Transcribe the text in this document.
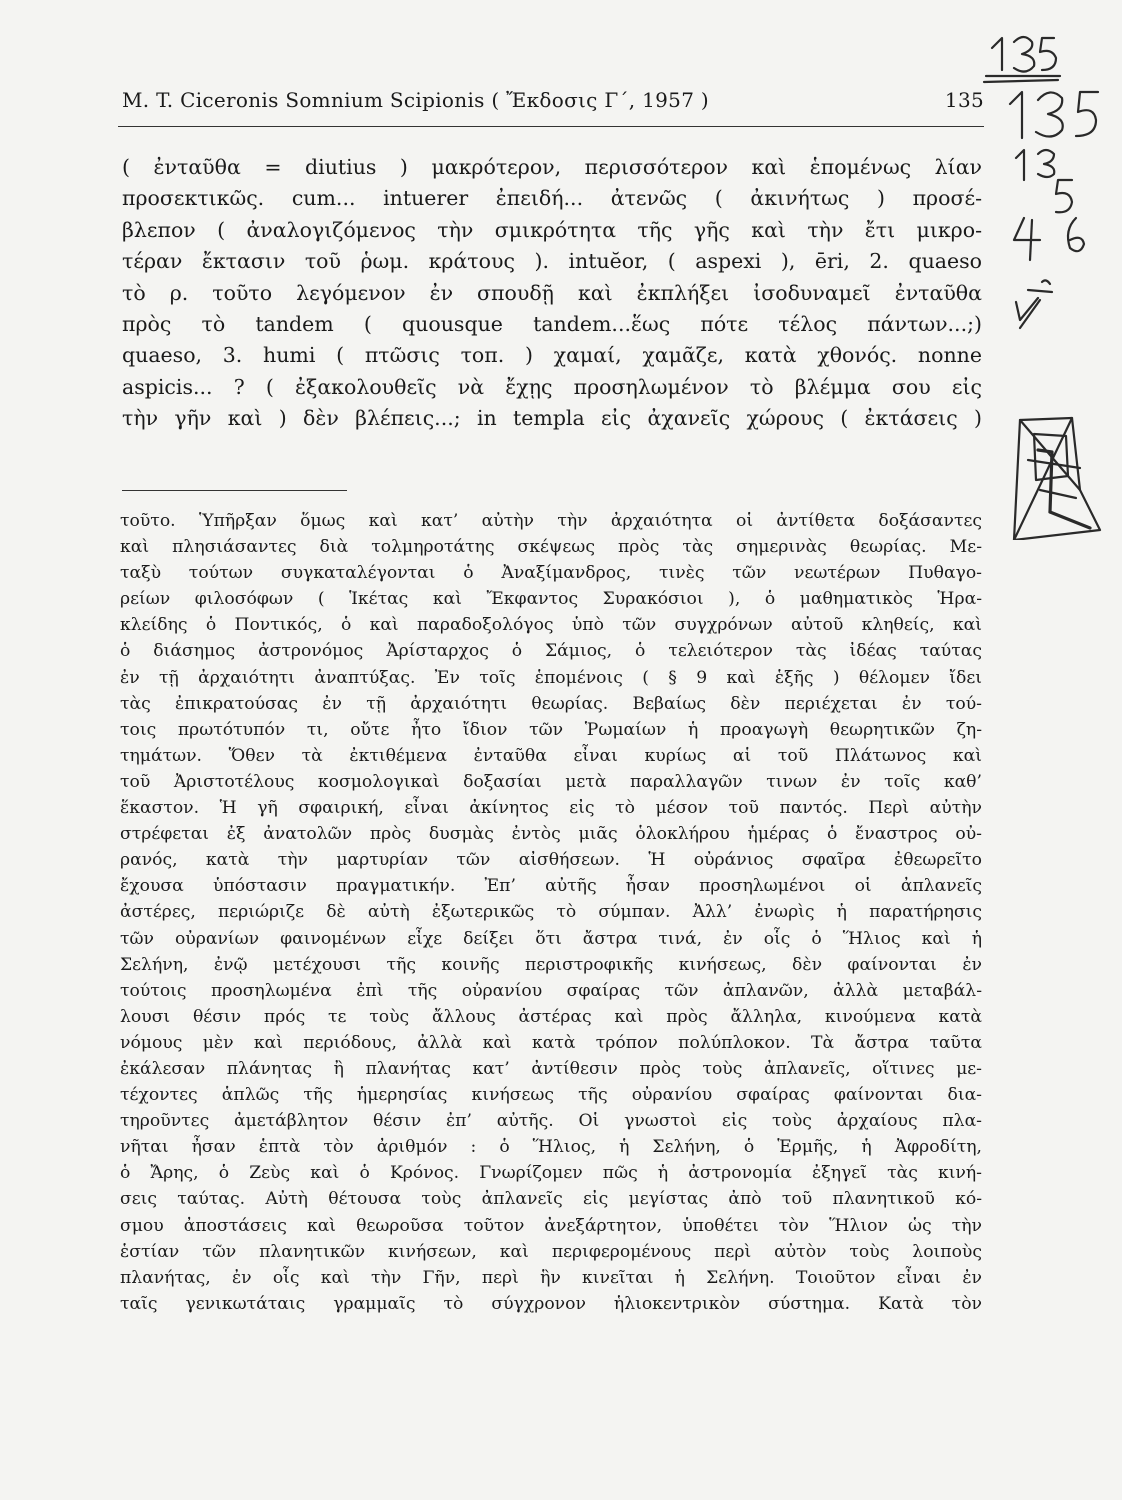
M. T. Ciceronis Somnium Scipionis ( Ἔκδοσις Γ΄, 1957 )	135
( ἐνταῦθα = diutius ) μακρότερον, περισσότερον καὶ ἑπομένως λίαν
προσεκτικῶς. cum... intuerer ἐπειδή... ἀτενῶς ( ἀκινήτως ) προσέ-
βλεπον ( ἀναλογιζόμενος τὴν σμικρότητα τῆς γῆς καὶ τὴν ἔτι μικρο-
τέραν ἔκτασιν τοῦ ῥωμ. κράτους ). intuĕor, ( aspexi ), ēri, 2. quaeso
τὸ ρ. τοῦτο λεγόμενον ἐν σπουδῇ καὶ ἐκπλήξει ἰσοδυναμεῖ ἐνταῦθα
πρὸς τὸ tandem ( quousque tandem...ἕως πότε τέλος πάντων...;)
quaeso, 3. humi ( πτῶσις τοπ. ) χαμαί, χαμᾶζε, κατὰ χθονός. nonne
aspicis... ? ( ἐξακολουθεῖς νὰ ἔχῃς προσηλωμένον τὸ βλέμμα σου εἰς
τὴν γῆν καὶ ) δὲν βλέπεις...; in templa εἰς ἀχανεῖς χώρους ( ἐκτάσεις )
τοῦτο. Ὑπῆρξαν ὅμως καὶ κατ’ αὐτὴν τὴν ἀρχαιότητα οἱ ἀντίθετα δοξάσαντες
καὶ πλησιάσαντες διὰ τολμηροτάτης σκέψεως πρὸς τὰς σημερινὰς θεωρίας. Με-
ταξὺ τούτων συγκαταλέγονται ὁ Ἀναξίμανδρος, τινὲς τῶν νεωτέρων Πυθαγο-
ρείων φιλοσόφων ( Ἱκέτας καὶ Ἔκφαντος Συρακόσιοι ), ὁ μαθηματικὸς Ἡρα-
κλείδης ὁ Ποντικός, ὁ καὶ παραδοξολόγος ὑπὸ τῶν συγχρόνων αὐτοῦ κληθείς, καὶ
ὁ διάσημος ἀστρονόμος Ἀρίσταρχος ὁ Σάμιος, ὁ τελειότερον τὰς ἰδέας ταύτας
ἐν τῇ ἀρχαιότητι ἀναπτύξας. Ἐν τοῖς ἑπομένοις ( § 9 καὶ ἑξῆς ) θέλομεν ἴδει
τὰς ἐπικρατούσας ἐν τῇ ἀρχαιότητι θεωρίας. Βεβαίως δὲν περιέχεται ἐν τού-
τοις πρωτότυπόν τι, οὔτε ἦτο ἴδιον τῶν Ῥωμαίων ἡ προαγωγὴ θεωρητικῶν ζη-
τημάτων. Ὅθεν τὰ ἐκτιθέμενα ἐνταῦθα εἶναι κυρίως αἱ τοῦ Πλάτωνος καὶ
τοῦ Ἀριστοτέλους κοσμολογικαὶ δοξασίαι μετὰ παραλλαγῶν τινων ἐν τοῖς καθ’
ἕκαστον. Ἡ γῆ σφαιρική, εἶναι ἀκίνητος εἰς τὸ μέσον τοῦ παντός. Περὶ αὐτὴν
στρέφεται ἐξ ἀνατολῶν πρὸς δυσμὰς ἐντὸς μιᾶς ὁλοκλήρου ἡμέρας ὁ ἔναστρος οὐ-
ρανός, κατὰ τὴν μαρτυρίαν τῶν αἰσθήσεων. Ἡ οὐράνιος σφαῖρα ἐθεωρεῖτο
ἔχουσα ὑπόστασιν πραγματικήν. Ἐπ’ αὐτῆς ἦσαν προσηλωμένοι οἱ ἀπλανεῖς
ἀστέρες, περιώριζε δὲ αὐτὴ ἐξωτερικῶς τὸ σύμπαν. Ἀλλ’ ἐνωρὶς ἡ παρατήρησις
τῶν οὐρανίων φαινομένων εἶχε δείξει ὅτι ἄστρα τινά, ἐν οἷς ὁ Ἥλιος καὶ ἡ
Σελήνη, ἐνῷ μετέχουσι τῆς κοινῆς περιστροφικῆς κινήσεως, δὲν φαίνονται ἐν
τούτοις προσηλωμένα ἐπὶ τῆς οὐρανίου σφαίρας τῶν ἀπλανῶν, ἀλλὰ μεταβάλ-
λουσι θέσιν πρός τε τοὺς ἄλλους ἀστέρας καὶ πρὸς ἄλληλα, κινούμενα κατὰ
νόμους μὲν καὶ περιόδους, ἀλλὰ καὶ κατὰ τρόπον πολύπλοκον. Τὰ ἄστρα ταῦτα
ἐκάλεσαν πλάνητας ἢ πλανήτας κατ’ ἀντίθεσιν πρὸς τοὺς ἀπλανεῖς, οἵτινες με-
τέχοντες ἁπλῶς τῆς ἡμερησίας κινήσεως τῆς οὐρανίου σφαίρας φαίνονται δια-
τηροῦντες ἀμετάβλητον θέσιν ἐπ’ αὐτῆς. Οἱ γνωστοὶ εἰς τοὺς ἀρχαίους πλα-
νῆται ἦσαν ἑπτὰ τὸν ἀριθμόν : ὁ Ἥλιος, ἡ Σελήνη, ὁ Ἑρμῆς, ἡ Ἀφροδίτη,
ὁ Ἄρης, ὁ Ζεὺς καὶ ὁ Κρόνος. Γνωρίζομεν πῶς ἡ ἀστρονομία ἐξηγεῖ τὰς κινή-
σεις ταύτας. Αὐτὴ θέτουσα τοὺς ἀπλανεῖς εἰς μεγίστας ἀπὸ τοῦ πλανητικοῦ κό-
σμου ἀποστάσεις καὶ θεωροῦσα τοῦτον ἀνεξάρτητον, ὑποθέτει τὸν Ἥλιον ὡς τὴν
ἑστίαν τῶν πλανητικῶν κινήσεων, καὶ περιφερομένους περὶ αὐτὸν τοὺς λοιποὺς
πλανήτας, ἐν οἷς καὶ τὴν Γῆν, περὶ ἣν κινεῖται ἡ Σελήνη. Τοιοῦτον εἶναι ἐν
ταῖς γενικωτάταις γραμμαῖς τὸ σύγχρονον ἡλιοκεντρικὸν σύστημα. Κατὰ τὸν
